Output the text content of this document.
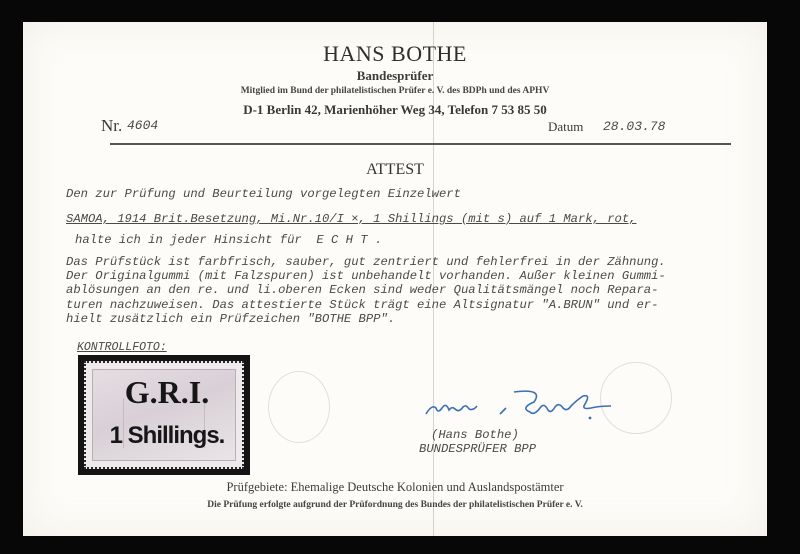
HANS BOTHE
Bandesprüfer
Mitglied im Bund der philatelistischen Prüfer e. V. des BDPh und des APHV
D-1 Berlin 42, Marienhöher Weg 34, Telefon 7 53 85 50
Nr. 4604	Datum 28.03.78
ATTEST
Den zur Prüfung und Beurteilung vorgelegten Einzelwert
SAMOA, 1914 Brit.Besetzung, Mi.Nr.10/I ×, 1 Shillings (mit s) auf 1 Mark, rot,
halte ich in jeder Hinsicht für  E C H T .
Das Prüfstück ist farbfrisch, sauber, gut zentriert und fehlerfrei in der Zähnung.
Der Originalgummi (mit Falzspuren) ist unbehandelt vorhanden. Außer kleinen Gummi-
ablösungen an den re. und li.oberen Ecken sind weder Qualitätsmängel noch Repara-
turen nachzuweisen. Das attestierte Stück trägt eine Altsignatur "A.BRUN" und er-
hielt zusätzlich ein Prüfzeichen "BOTHE BPP".
KONTROLLFOTO:
G.R.I.
1 Shillings.	(Hans Bothe)
BUNDESPRÜFER BPP
Prüfgebiete: Ehemalige Deutsche Kolonien und Auslandspostämter
Die Prüfung erfolgte aufgrund der Prüfordnung des Bundes der philatelistischen Prüfer e. V.
